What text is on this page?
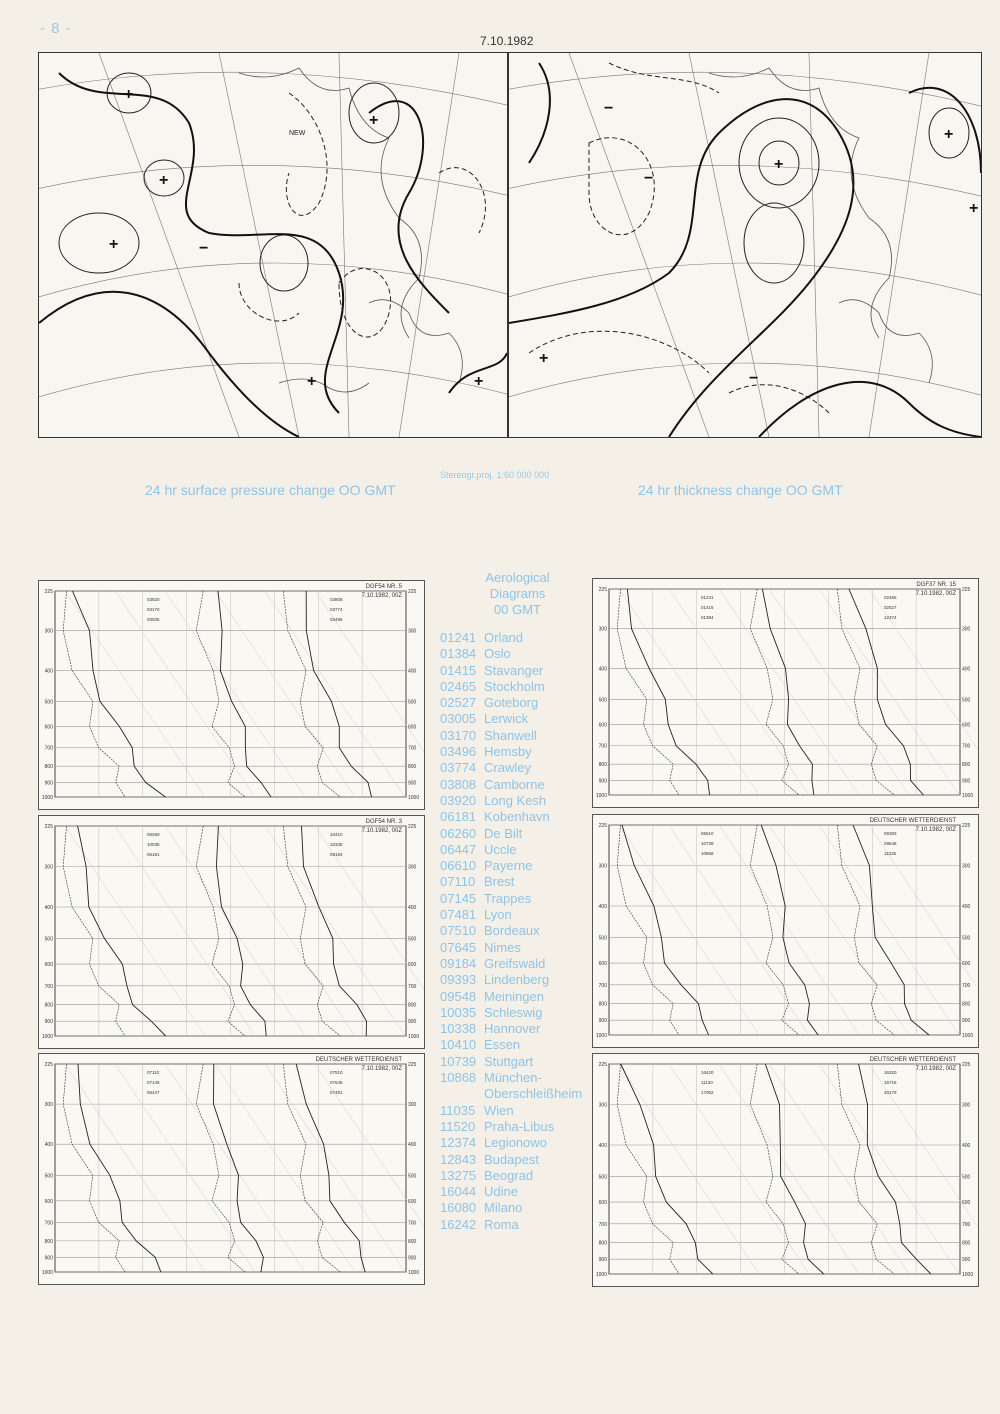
- 8 -
7.10.1982
+
+
+
+
+	+
−
NEW
+
+
+
+
−
−
−
24 hr surface pressure change OO GMT
Stereogr.proj. 1:60 000 000
24 hr thickness change OO GMT
Aerological
Diagrams
00 GMT
01241 Orland
01384 Oslo
01415 Stavanger
02465 Stockholm
02527 Goteborg
03005 Lerwick
03170 Shanwell
03496 Hemsby
03774 Crawley
03808 Camborne
03920 Long Kesh
06181 Kobenhavn
06260 De Bilt
06447 Uccle
06610 Payerne
07110 Brest
07145 Trappes
07481 Lyon
07510 Bordeaux
07645 Nimes
09184 Greifswald
09393 Lindenberg
09548 Meiningen
10035 Schleswig
10338 Hannover
10410 Essen
10739 Stuttgart
10868 München-
Oberschleißheim
11035 Wien
11520 Praha-Libus
12374 Legionowo
12843 Budapest
13275 Beograd
16044 Udine
16080 Milano
16242 Roma
225	225
300	300
400	400
500	500
600	600
700	700
800	800
900	900
1000	1000
DGF54 NR. 5
7.10.1982, 00Z
03920
03170
03005
03808
03774
03496
225	225
300	300
400	400
500	500
600	600
700	700
800	800
900	900
1000	1000
DGF54 NR. 3
7.10.1982, 00Z
06260
10035
06181
10410
10338
09184
225	225
300	300
400	400
500	500
600	600
700	700
800	800
900	900
1000	1000
DEUTSCHER WETTERDIENST
7.10.1982, 00Z
07110
07145
06447
07510
07645
07481
225	225
300	300
400	400
500	500
600	600
700	700
800	800
900	900
1000	1000
DGF37 NR. 15
7.10.1982, 00Z
01241
01415
01384
02465
02527
12374
225	225
300	300
400	400
500	500
600	600
700	700
800	800
900	900
1000	1000
DEUTSCHER WETTERDIENST
7.10.1982, 00Z
06610
10739
10868
09393
09548
11035
225	225
300	300
400	400
500	500
600	600
700	700
800	800
900	900
1000	1000
DEUTSCHER WETTERDIENST
7.10.1982, 00Z
16420
11130
17062
16320
16716
40179
